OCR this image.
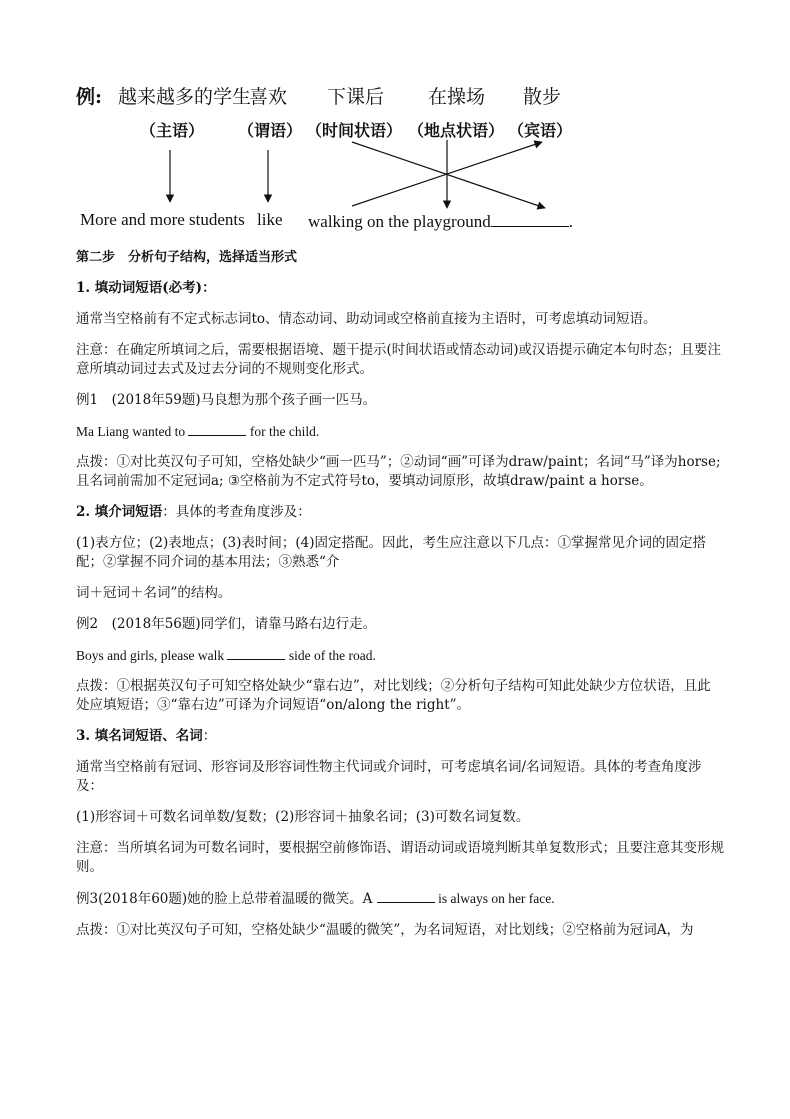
例: 越来越多的学生
喜欢 下课后 在操场 散步
（主语） （谓语） （时间状语） （地点状语） （宾语）
More and more students like walking on the playground	.
第二步　分析句子结构，选择适当形式
1. 填动词短语(必考)：
通常当空格前有不定式标志词to、情态动词、助动词或空格前直接为主语时，可考虑填动词短语。
注意：在确定所填词之后，需要根据语境、题干提示(时间状语或情态动词)或汉语提示确定本句时态；且要注意所填动词过去式及过去分词的不规则变化形式。
例1　(2018年59题)马良想为那个孩子画一匹马。
Ma Liang wanted to	for the child.
点拨：①对比英汉句子可知，空格处缺少“画一匹马”；②动词“画”可译为draw/paint；名词“马”译为horse; 且名词前需加不定冠词a; ③空格前为不定式符号to，要填动词原形，故填draw/paint a horse。
2. 填介词短语：具体的考查角度涉及：
(1)表方位；(2)表地点；(3)表时间；(4)固定搭配。因此，考生应注意以下几点：①掌握常见介词的固定搭配；②掌握不同介词的基本用法；③熟悉“介
词＋冠词＋名词”的结构。
例2　(2018年56题)同学们，请靠马路右边行走。
Boys and girls, please walk	side of the road.
点拨：①根据英汉句子可知空格处缺少“靠右边”，对比划线；②分析句子结构可知此处缺少方位状语，且此处应填短语；③“靠右边”可译为介词短语“on/along the right”。
3. 填名词短语、名词：
通常当空格前有冠词、形容词及形容词性物主代词或介词时，可考虑填名词/名词短语。具体的考查角度涉及：
(1)形容词＋可数名词单数/复数；(2)形容词＋抽象名词；(3)可数名词复数。
注意：当所填名词为可数名词时，要根据空前修饰语、谓语动词或语境判断其单复数形式；且要注意其变形规则。
例3(2018年60题)她的脸上总带着温暖的微笑。A	is always on her face.
点拨：①对比英汉句子可知，空格处缺少“温暖的微笑”，为名词短语，对比划线；②空格前为冠词A，为
